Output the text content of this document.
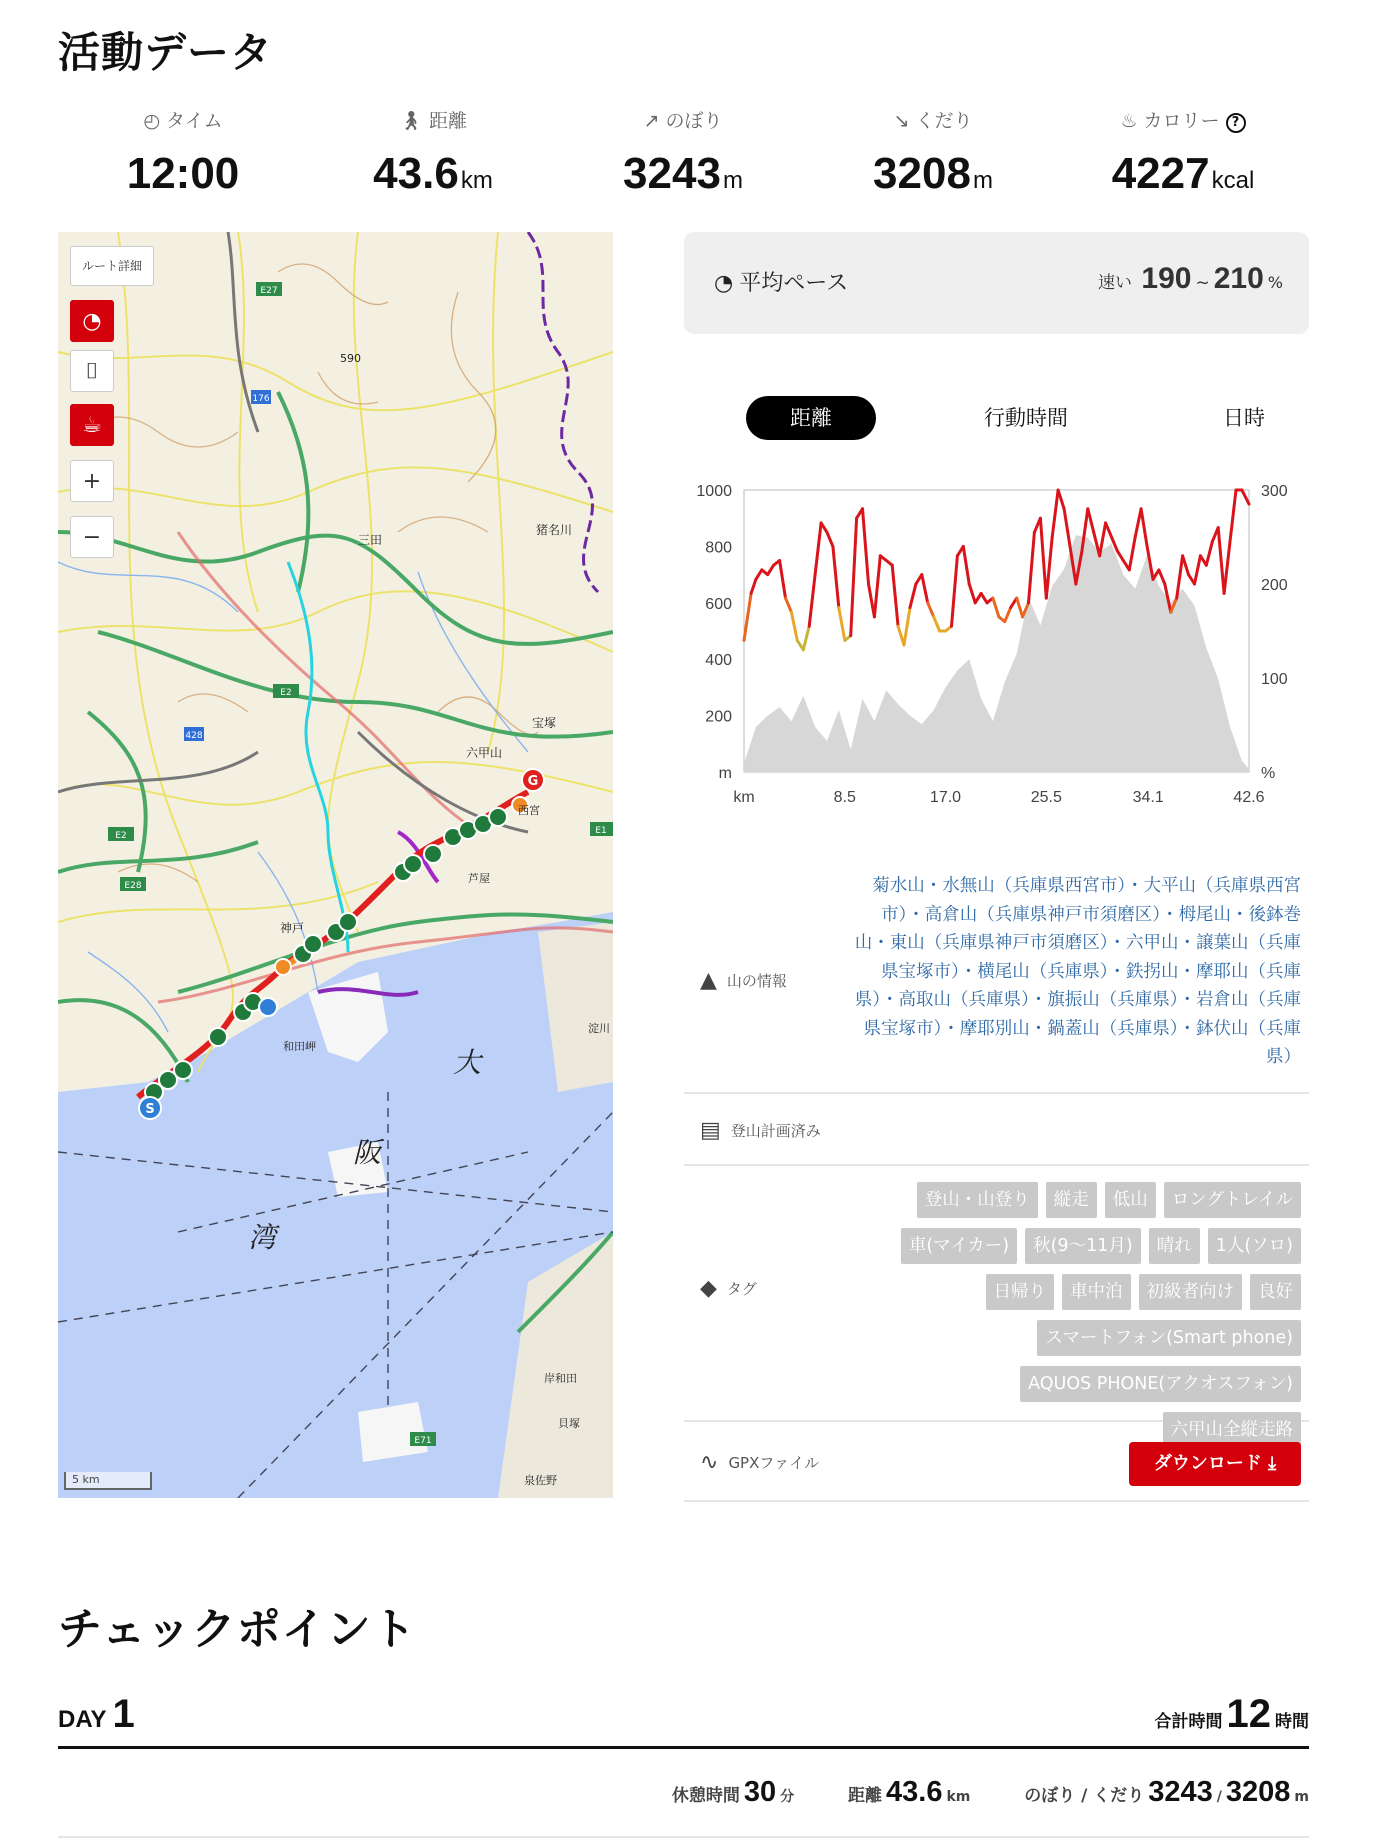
活動データ
◴ タイム
12:00
🚶︎ 距離
43.6km
↗ のぼり
3243m
↘ くだり
3208m
♨ カロリー ?
4227kcal
S
G
E27
E2
E2
E28
E1
E71
176
428
三田
猪名川
六甲山
宝塚
神戸
和田岬
西宮
芦屋
泉佐野
岸和田
貝塚
淀川
590
大
阪
湾
ルート詳細
◔
⌷
☕︎
+
−
5 km
◔ 平均ペース	速い 190 ~ 210 %
距離	行動時間	日時
200
400
600
800
1000
m
100
200
300
%
km	8.5	17.0	25.5	34.1	42.6
▲ 山の情報
菊水山・水無山（兵庫県西宮市）・大平山（兵庫県西宮市）・高倉山（兵庫県神戸市須磨区）・栂尾山・後鉢巻山・東山（兵庫県神戸市須磨区）・六甲山・譲葉山（兵庫県宝塚市）・横尾山（兵庫県）・鉄拐山・摩耶山（兵庫県）・高取山（兵庫県）・旗振山（兵庫県）・岩倉山（兵庫県宝塚市）・摩耶別山・鍋蓋山（兵庫県）・鉢伏山（兵庫県）
▤ 登山計画済み
◆ タグ
登山・山登り 縦走 低山 ロングトレイル
車(マイカー) 秋(9〜11月) 晴れ 1人(ソロ)
日帰り 車中泊 初級者向け 良好
スマートフォン(Smart phone)
AQUOS PHONE(アクオスフォン)六甲山全縦走路
∿ GPXファイル	ダウンロード ⤓
チェックポイント
DAY 1	合計時間 12 時間
休憩時間 30 分	距離 43.6 km	のぼり / くだり 3243 / 3208 m
